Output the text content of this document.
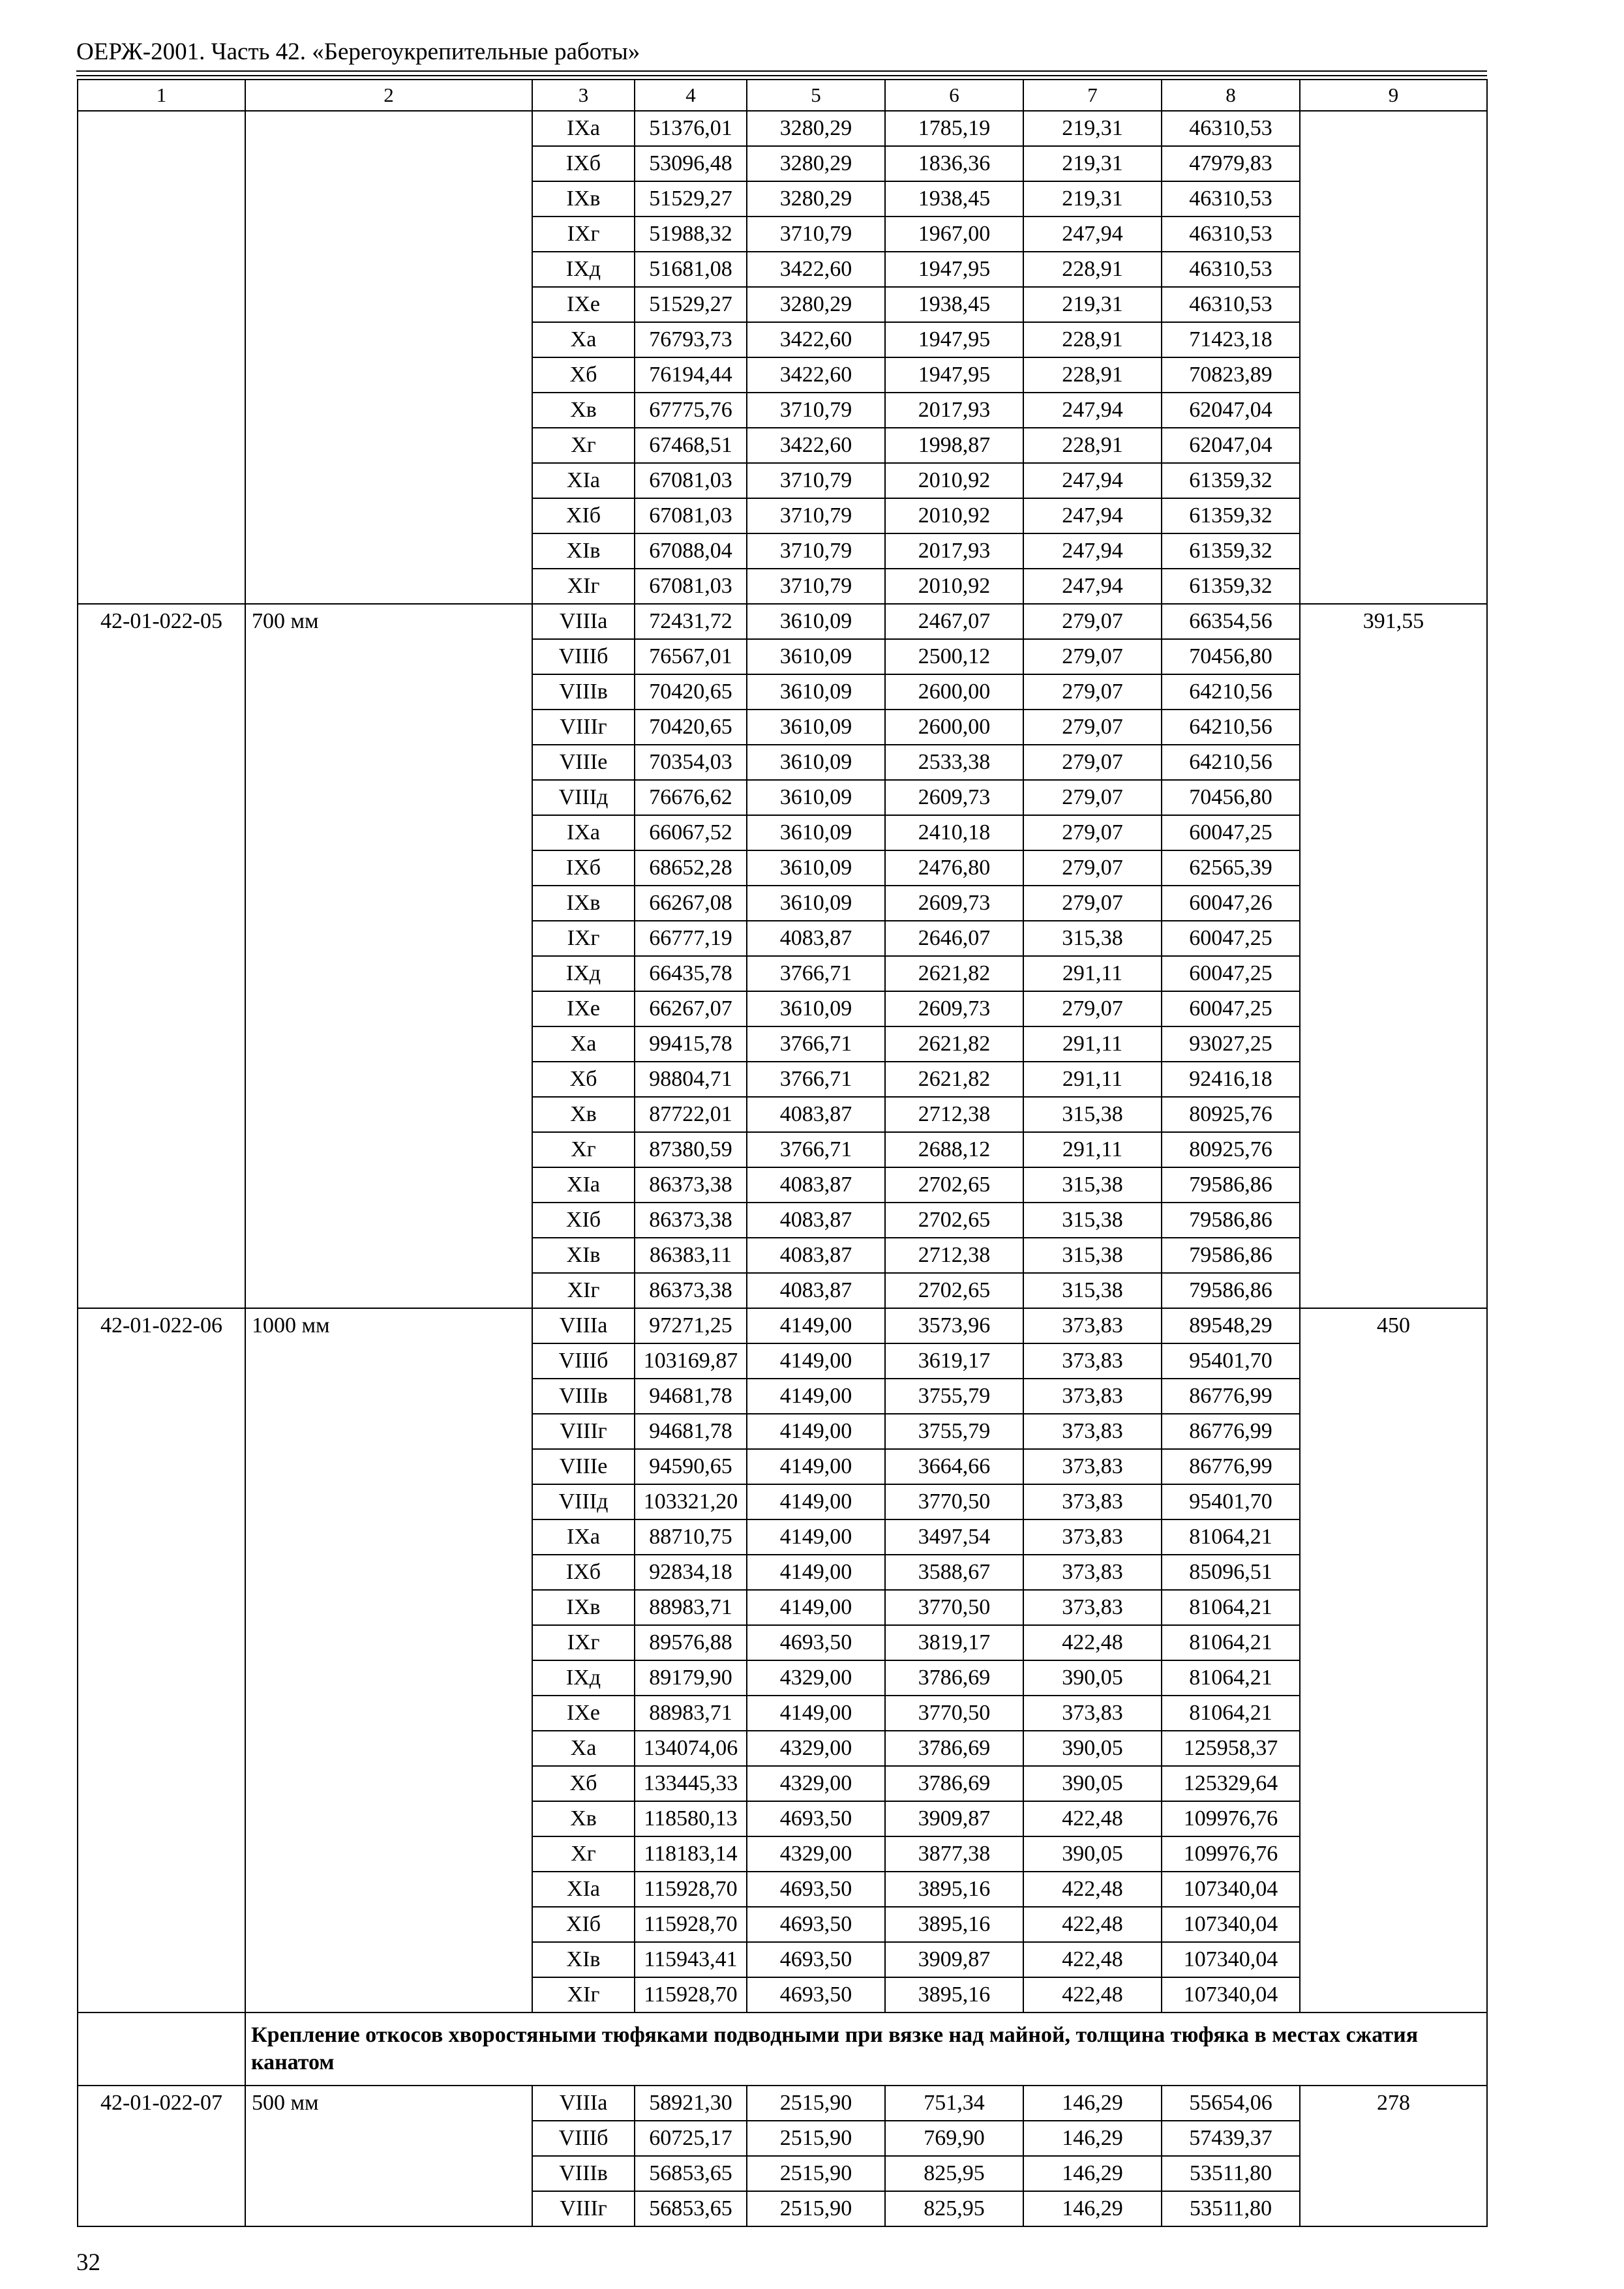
ОЕРЖ-2001. Часть 42. «Берегоукрепительные работы»
1	2	3	4	5	6	7	8	9
		IXа	51376,01	3280,29	1785,19	219,31	46310,53	
		IXб	53096,48	3280,29	1836,36	219,31	47979,83	
		IXв	51529,27	3280,29	1938,45	219,31	46310,53	
		IXг	51988,32	3710,79	1967,00	247,94	46310,53	
		IXд	51681,08	3422,60	1947,95	228,91	46310,53	
		IXе	51529,27	3280,29	1938,45	219,31	46310,53	
		Xа	76793,73	3422,60	1947,95	228,91	71423,18	
		Xб	76194,44	3422,60	1947,95	228,91	70823,89	
		Xв	67775,76	3710,79	2017,93	247,94	62047,04	
		Xг	67468,51	3422,60	1998,87	228,91	62047,04	
		XIа	67081,03	3710,79	2010,92	247,94	61359,32	
		XIб	67081,03	3710,79	2010,92	247,94	61359,32	
		XIв	67088,04	3710,79	2017,93	247,94	61359,32	
		XIг	67081,03	3710,79	2010,92	247,94	61359,32	
42-01-022-05	700 мм	VIIIа	72431,72	3610,09	2467,07	279,07	66354,56	391,55
		VIIIб	76567,01	3610,09	2500,12	279,07	70456,80	
		VIIIв	70420,65	3610,09	2600,00	279,07	64210,56	
		VIIIг	70420,65	3610,09	2600,00	279,07	64210,56	
		VIIIе	70354,03	3610,09	2533,38	279,07	64210,56	
		VIIIд	76676,62	3610,09	2609,73	279,07	70456,80	
		IXа	66067,52	3610,09	2410,18	279,07	60047,25	
		IXб	68652,28	3610,09	2476,80	279,07	62565,39	
		IXв	66267,08	3610,09	2609,73	279,07	60047,26	
		IXг	66777,19	4083,87	2646,07	315,38	60047,25	
		IXд	66435,78	3766,71	2621,82	291,11	60047,25	
		IXе	66267,07	3610,09	2609,73	279,07	60047,25	
		Xа	99415,78	3766,71	2621,82	291,11	93027,25	
		Xб	98804,71	3766,71	2621,82	291,11	92416,18	
		Xв	87722,01	4083,87	2712,38	315,38	80925,76	
		Xг	87380,59	3766,71	2688,12	291,11	80925,76	
		XIа	86373,38	4083,87	2702,65	315,38	79586,86	
		XIб	86373,38	4083,87	2702,65	315,38	79586,86	
		XIв	86383,11	4083,87	2712,38	315,38	79586,86	
		XIг	86373,38	4083,87	2702,65	315,38	79586,86	
42-01-022-06	1000 мм	VIIIа	97271,25	4149,00	3573,96	373,83	89548,29	450
		VIIIб	103169,87	4149,00	3619,17	373,83	95401,70	
		VIIIв	94681,78	4149,00	3755,79	373,83	86776,99	
		VIIIг	94681,78	4149,00	3755,79	373,83	86776,99	
		VIIIе	94590,65	4149,00	3664,66	373,83	86776,99	
		VIIIд	103321,20	4149,00	3770,50	373,83	95401,70	
		IXа	88710,75	4149,00	3497,54	373,83	81064,21	
		IXб	92834,18	4149,00	3588,67	373,83	85096,51	
		IXв	88983,71	4149,00	3770,50	373,83	81064,21	
		IXг	89576,88	4693,50	3819,17	422,48	81064,21	
		IXд	89179,90	4329,00	3786,69	390,05	81064,21	
		IXе	88983,71	4149,00	3770,50	373,83	81064,21	
		Xа	134074,06	4329,00	3786,69	390,05	125958,37	
		Xб	133445,33	4329,00	3786,69	390,05	125329,64	
		Xв	118580,13	4693,50	3909,87	422,48	109976,76	
		Xг	118183,14	4329,00	3877,38	390,05	109976,76	
		XIа	115928,70	4693,50	3895,16	422,48	107340,04	
		XIб	115928,70	4693,50	3895,16	422,48	107340,04	
		XIв	115943,41	4693,50	3909,87	422,48	107340,04	
		XIг	115928,70	4693,50	3895,16	422,48	107340,04	
	Крепление откосов хворостяными тюфяками подводными при вязке над майной, толщина тюфяка в местах сжатия канатом							
42-01-022-07	500 мм	VIIIа	58921,30	2515,90	751,34	146,29	55654,06	278
		VIIIб	60725,17	2515,90	769,90	146,29	57439,37	
		VIIIв	56853,65	2515,90	825,95	146,29	53511,80	
		VIIIг	56853,65	2515,90	825,95	146,29	53511,80	
32
